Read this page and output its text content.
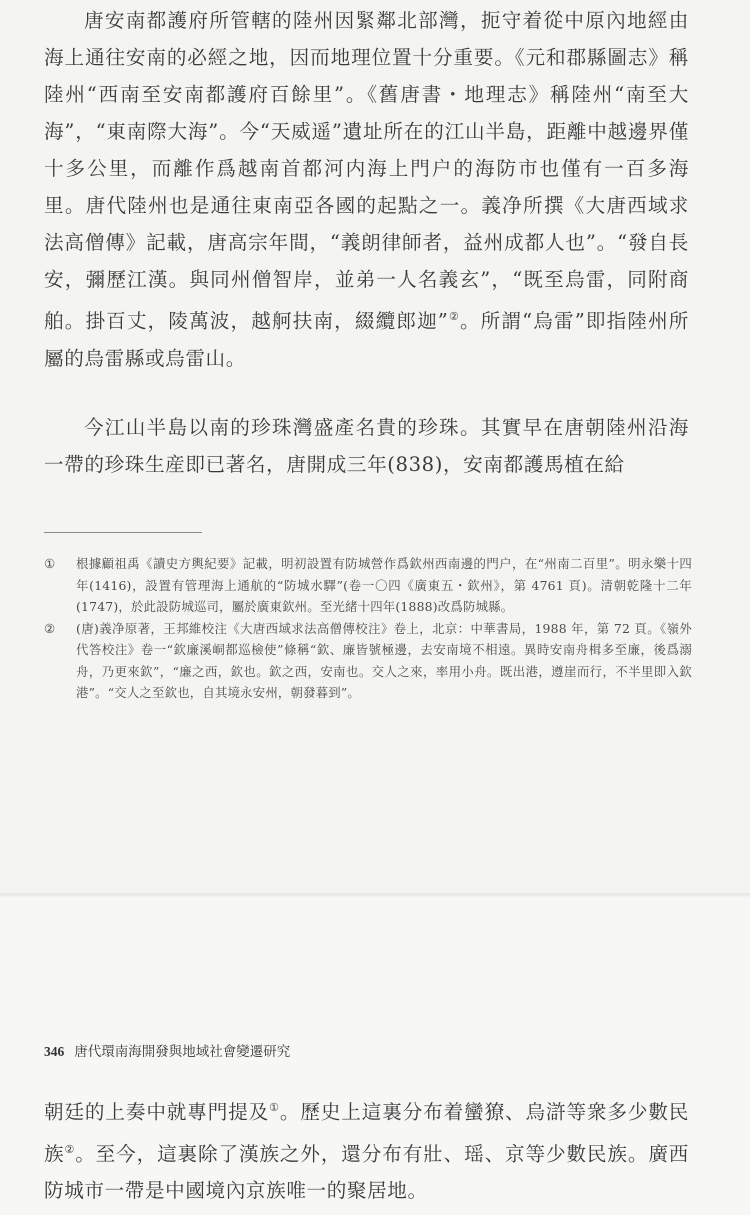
唐安南都護府所管轄的陸州因緊鄰北部灣，扼守着從中原內地經由海上通往安南的必經之地，因而地理位置十分重要。《元和郡縣圖志》稱陸州“西南至安南都護府百餘里”。《舊唐書・地理志》稱陸州“南至大海”，“東南際大海”。今“天威遥”遺址所在的江山半島，距離中越邊界僅十多公里，而離作爲越南首都河内海上門户的海防市也僅有一百多海里。唐代陸州也是通往東南亞各國的起點之一。義净所撰《大唐西域求法高僧傳》記載，唐高宗年間，“義朗律師者，益州成都人也”。“發自長安，彌歷江漢。與同州僧智岸，並弟一人名義玄”，“既至烏雷，同附商舶。掛百丈，陵萬波，越舸扶南，綴纜郎迦”②。所謂“烏雷”即指陸州所屬的烏雷縣或烏雷山。

今江山半島以南的珍珠灣盛產名貴的珍珠。其實早在唐朝陸州沿海一帶的珍珠生産即已著名，唐開成三年(838)，安南都護馬植在給

①	根據顧祖禹《讀史方輿紀要》記載，明初設置有防城營作爲欽州西南邊的門户，在“州南二百里”。明永樂十四年(1416)，設置有管理海上通航的“防城水驛”(卷一〇四《廣東五・欽州》，第 4761 頁)。清朝乾隆十二年(1747)，於此設防城巡司，屬於廣東欽州。至光緒十四年(1888)改爲防城縣。

②	(唐)義净原著，王邦維校注《大唐西域求法高僧傳校注》卷上，北京：中華書局，1988 年，第 72 頁。《嶺外代答校注》卷一“欽廉溪峒都巡檢使”條稱“欽、廉皆號極邊，去安南境不相遠。異時安南舟楫多至廉，後爲溺舟，乃更來欽”，“廉之西，欽也。欽之西，安南也。交人之來，率用小舟。既出港，遵崖而行，不半里即入欽港”。“交人之至欽也，自其境永安州，朝發暮到”。

346 唐代環南海開發與地域社會變遷研究

朝廷的上奏中就專門提及①。歷史上這裏分布着蠻獠、烏滸等衆多少數民族②。至今，這裏除了漢族之外，還分布有壯、瑶、京等少數民族。廣西防城市一帶是中國境內京族唯一的聚居地。
